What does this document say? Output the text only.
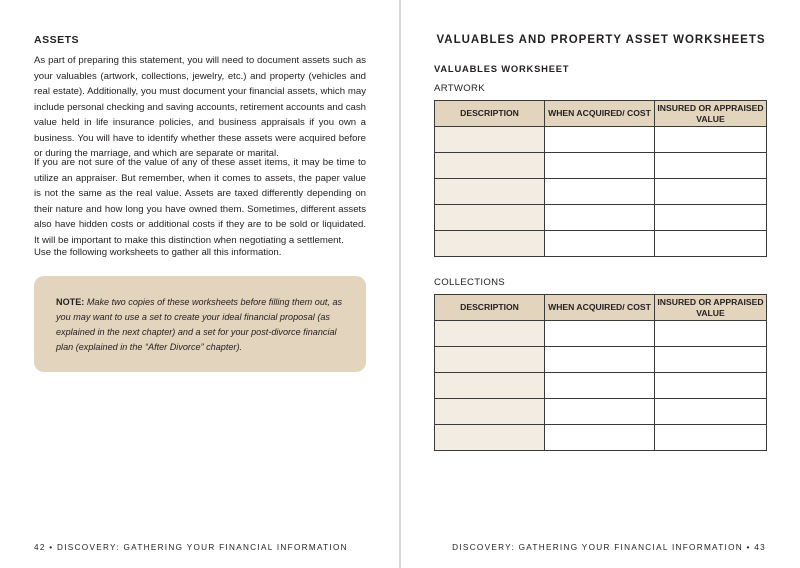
ASSETS

As part of preparing this statement, you will need to document assets such as your valuables (artwork, collections, jewelry, etc.) and property (vehicles and real estate). Additionally, you must document your financial assets, which may include personal checking and saving accounts, retirement accounts and cash value held in life insurance policies, and business appraisals if you own a business. You will have to identify whether these assets were acquired before or during the marriage, and which are separate or marital.

If you are not sure of the value of any of these asset items, it may be time to utilize an appraiser. But remember, when it comes to assets, the paper value is not the same as the real value. Assets are taxed differently depending on their nature and how long you have owned them. Sometimes, different assets also have hidden costs or additional costs if they are to be sold or liquidated. It will be important to make this distinction when negotiating a settlement.

Use the following worksheets to gather all this information.

NOTE: Make two copies of these worksheets before filling them out, as you may want to use a set to create your ideal financial proposal (as explained in the next chapter) and a set for your post-divorce financial plan (explained in the “After Divorce” chapter).
42 • DISCOVERY: GATHERING YOUR FINANCIAL INFORMATION
VALUABLES AND PROPERTY ASSET WORKSHEETS
VALUABLES WORKSHEET
ARTWORK
DESCRIPTION	WHEN ACQUIRED/ COST	INSURED OR APPRAISED VALUE

COLLECTIONS
DESCRIPTION	WHEN ACQUIRED/ COST	INSURED OR APPRAISED VALUE

DISCOVERY: GATHERING YOUR FINANCIAL INFORMATION • 43
